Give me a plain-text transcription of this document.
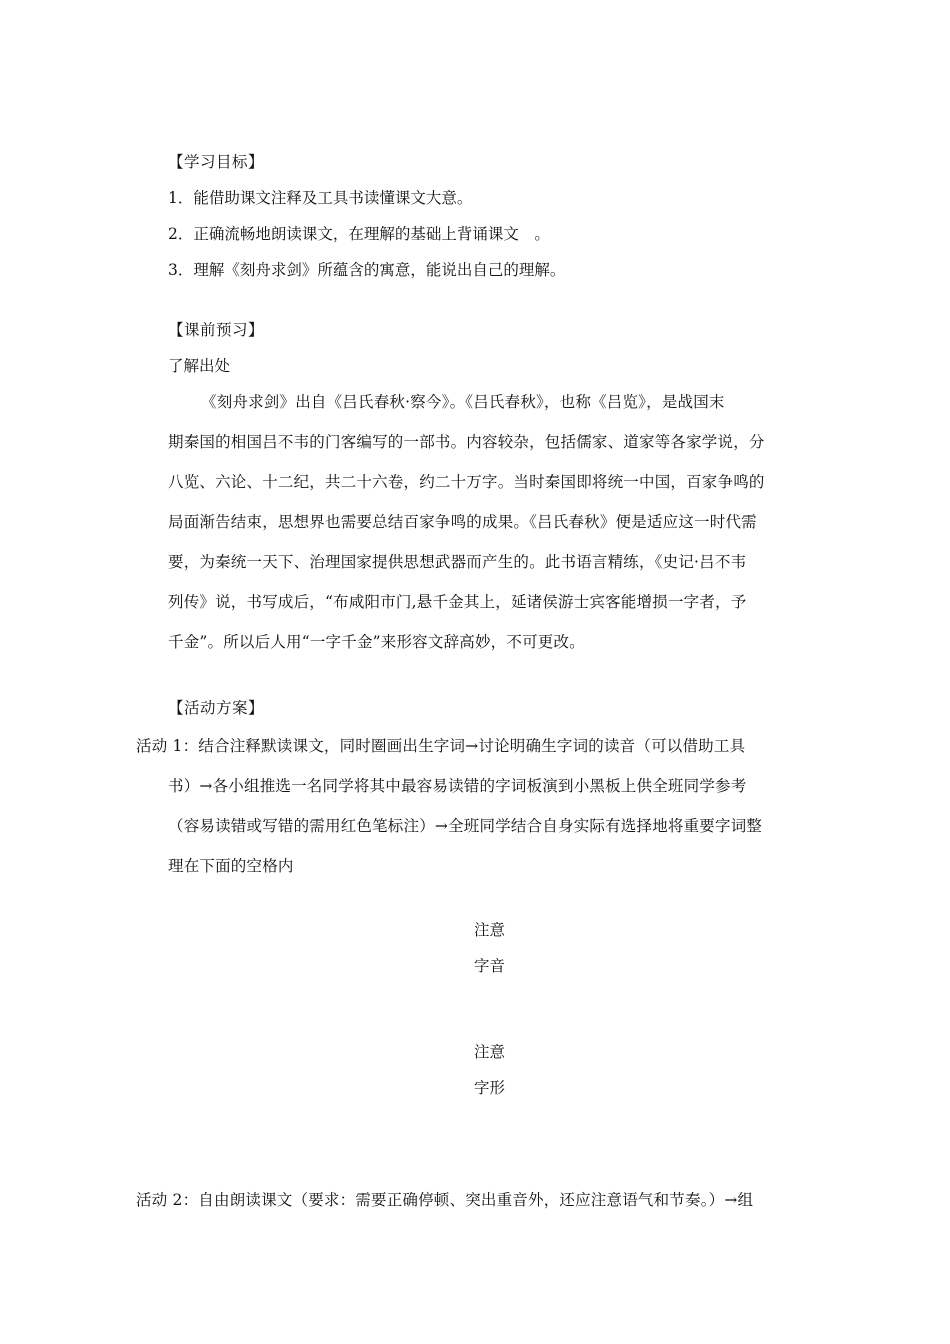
【学习目标】
1．能借助课文注释及工具书读懂课文大意。
2．正确流畅地朗读课文，在理解的基础上背诵课文　。
3．理解《刻舟求剑》所蕴含的寓意，能说出自己的理解。
【课前预习】
了解出处
《刻舟求剑》出自《吕氏春秋·察今》。《吕氏春秋》，也称《吕览》，是战国末
期秦国的相国吕不韦的门客编写的一部书。内容较杂，包括儒家、道家等各家学说，分
八览、六论、十二纪，共二十六卷，约二十万字。当时秦国即将统一中国，百家争鸣的
局面渐告结束，思想界也需要总结百家争鸣的成果。《吕氏春秋》便是适应这一时代需
要，为秦统一天下、治理国家提供思想武器而产生的。此书语言精练，《史记·吕不韦
列传》说，书写成后，“布咸阳市门,悬千金其上，延诸侯游士宾客能增损一字者，予
千金”。所以后人用“一字千金”来形容文辞高妙，不可更改。
【活动方案】
活动 1：结合注释默读课文，同时圈画出生字词→讨论明确生字词的读音（可以借助工具
书）→各小组推选一名同学将其中最容易读错的字词板演到小黑板上供全班同学参考
（容易读错或写错的需用红色笔标注）→全班同学结合自身实际有选择地将重要字词整
理在下面的空格内
注意
字音
注意
字形
活动 2：自由朗读课文（要求：需要正确停顿、突出重音外，还应注意语气和节奏。）→组
